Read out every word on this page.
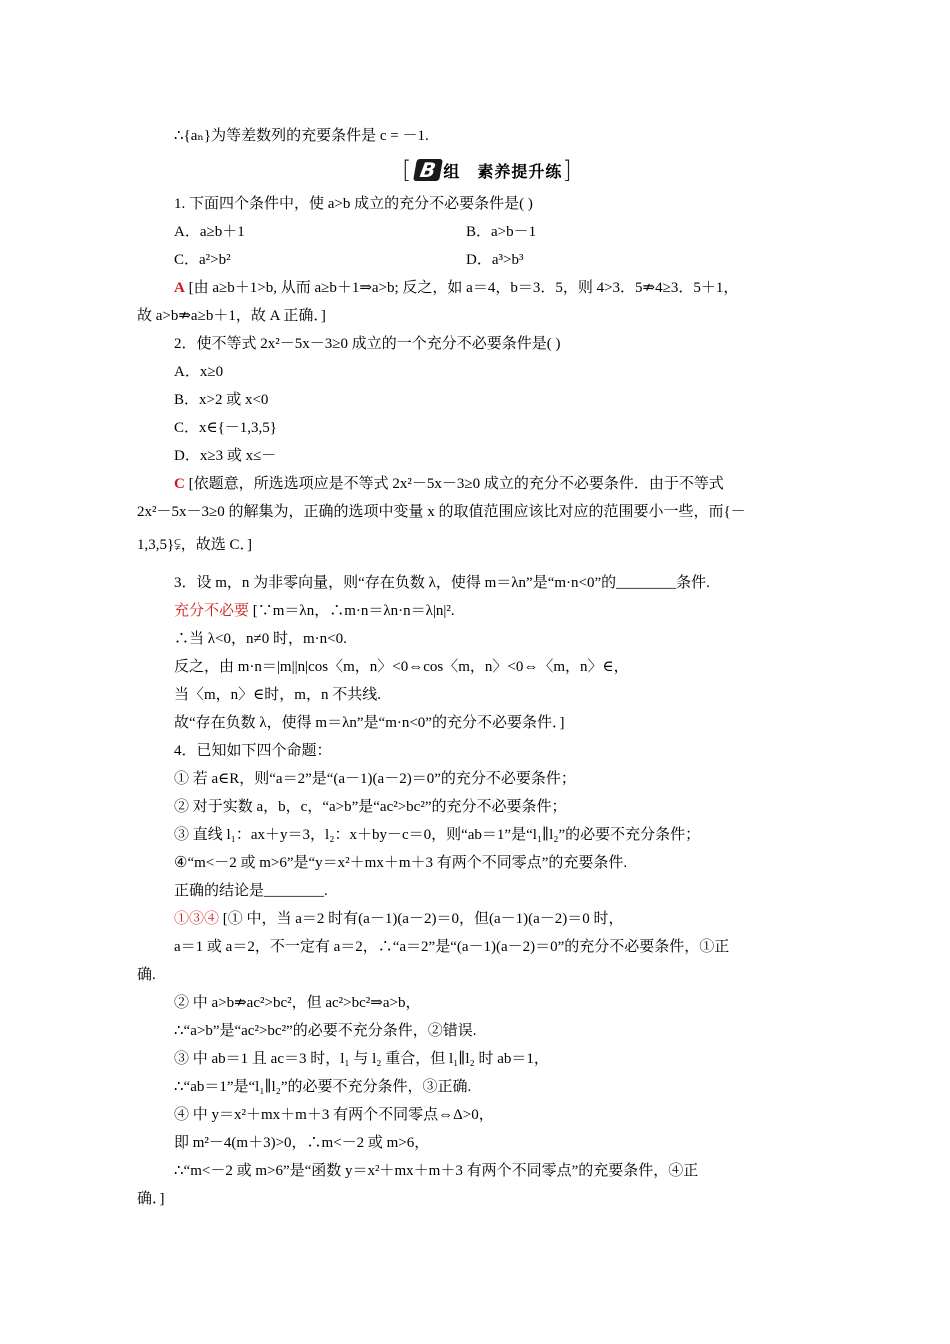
[ B 组　素养提升练 ]
∴{aₙ}为等差数列的充要条件是 c = －1.
1. 下面四个条件中，使 a>b 成立的充分不必要条件是( )
A．a≥b＋1	B．a>b－1
C．a²>b²	D．a³>b³
A [由 a≥b＋1>b, 从而 a≥b＋1⇒a>b; 反之，如 a＝4，b＝3．5，则 4>3．5⇏4≥3．5＋1，
故 a>b⇏a≥b＋1，故 A 正确．]
2．使不等式 2x²－5x－3≥0 成立的一个充分不必要条件是( )
A．x≥0
B．x>2 或 x<0
C．x∈{－1,3,5}
D．x≥3 或 x≤－
C [依题意，所选选项应是不等式 2x²－5x－3≥0 成立的充分不必要条件．由于不等式
2x²－5x－3≥0 的解集为，正确的选项中变量 x 的取值范围应该比对应的范围要小一些，而{－
1,3,5}⫋，故选 C．]
3．设 m，n 为非零向量，则“存在负数 λ，使得 m＝λn”是“m·n<0”的________条件.
充分不必要 [∵m＝λn，∴m·n＝λn·n＝λ|n|².
∴当 λ<0，n≠0 时，m·n<0.
反之，由 m·n＝|m||n|cos〈m，n〉<0⇔cos〈m，n〉<0⇔〈m，n〉∈，
当〈m，n〉∈时，m，n 不共线.
故“存在负数 λ，使得 m＝λn”是“m·n<0”的充分不必要条件．]
4．已知如下四个命题：
① 若 a∈R，则“a＝2”是“(a－1)(a－2)＝0”的充分不必要条件；
② 对于实数 a，b，c，“a>b”是“ac²>bc²”的充分不必要条件；
③ 直线 l₁：ax＋y＝3，l₂：x＋by－c＝0，则“ab＝1”是“l₁∥l₂”的必要不充分条件；
④“m<－2 或 m>6”是“y＝x²＋mx＋m＋3 有两个不同零点”的充要条件.
正确的结论是________.
①③④ [① 中，当 a＝2 时有(a－1)(a－2)＝0，但(a－1)(a－2)＝0 时，
a＝1 或 a＝2，不一定有 a＝2，∴“a＝2”是“(a－1)(a－2)＝0”的充分不必要条件，①正
确.
② 中 a>b⇏ac²>bc²，但 ac²>bc²⇒a>b，
∴“a>b”是“ac²>bc²”的必要不充分条件，②错误.
③ 中 ab＝1 且 ac＝3 时，l₁ 与 l₂ 重合，但 l₁∥l₂ 时 ab＝1，
∴“ab＝1”是“l₁∥l₂”的必要不充分条件，③正确.
④ 中 y＝x²＋mx＋m＋3 有两个不同零点⇔Δ>0，
即 m²－4(m＋3)>0，∴m<－2 或 m>6，
∴“m<－2 或 m>6”是“函数 y＝x²＋mx＋m＋3 有两个不同零点”的充要条件，④正
确．]
